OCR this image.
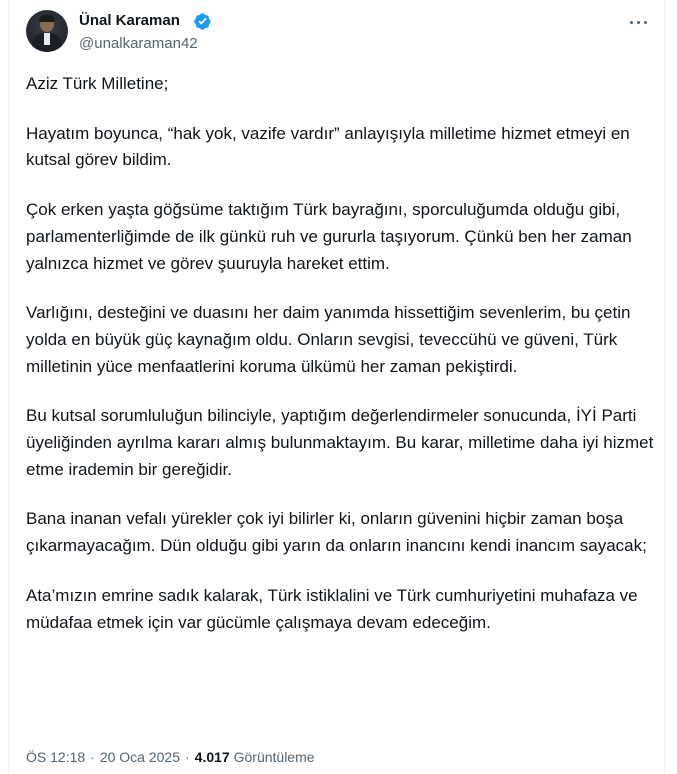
Ünal Karaman
@unalkaraman42

Aziz Türk Milletine;

Hayatım boyunca, “hak yok, vazife vardır” anlayışıyla milletime hizmet etmeyi en kutsal görev bildim.

Çok erken yaşta göğsüme taktığım Türk bayrağını, sporculuğumda olduğu gibi, parlamenterliğimde de ilk günkü ruh ve gururla taşıyorum. Çünkü ben her zaman yalnızca hizmet ve görev şuuruyla hareket ettim.

Varlığını, desteğini ve duasını her daim yanımda hissettiğim sevenlerim, bu çetin yolda en büyük güç kaynağım oldu. Onların sevgisi, teveccühü ve güveni, Türk milletinin yüce menfaatlerini koruma ülkümü her zaman pekiştirdi.

Bu kutsal sorumluluğun bilinciyle, yaptığım değerlendirmeler sonucunda, İYİ Parti üyeliğinden ayrılma kararı almış bulunmaktayım. Bu karar, milletime daha iyi hizmet etme irademin bir gereğidir.

Bana inanan vefalı yürekler çok iyi bilirler ki, onların güvenini hiçbir zaman boşa çıkarmayacağım. Dün olduğu gibi yarın da onların inancını kendi inancım sayacak;

Ata’mızın emrine sadık kalarak, Türk istiklalini ve Türk cumhuriyetini muhafaza ve müdafaa etmek için var gücümle çalışmaya devam edeceğim.

ÖS 12:18 · 20 Oca 2025 · 4.017 Görüntüleme
